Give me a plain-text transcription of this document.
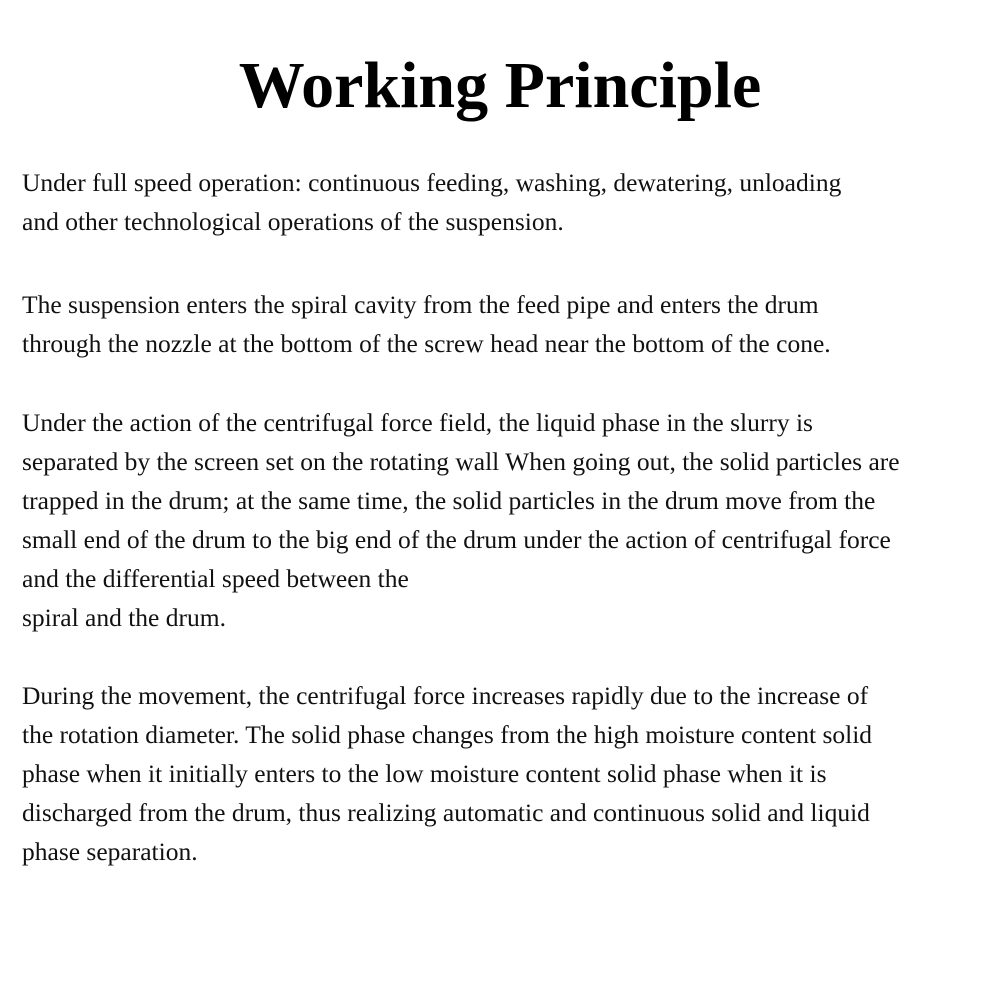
Working Principle

Under full speed operation: continuous feeding, washing, dewatering, unloading
and other technological operations of the suspension.

The suspension enters the spiral cavity from the feed pipe and enters the drum
through the nozzle at the bottom of the screw head near the bottom of the cone.

Under the action of the centrifugal force field, the liquid phase in the slurry is
separated by the screen set on the rotating wall When going out, the solid particles are
trapped in the drum; at the same time, the solid particles in the drum move from the
small end of the drum to the big end of the drum under the action of centrifugal force
and the differential speed between the
spiral and the drum.

During the movement, the centrifugal force increases rapidly due to the increase of
the rotation diameter. The solid phase changes from the high moisture content solid
phase when it initially enters to the low moisture content solid phase when it is
discharged from the drum, thus realizing automatic and continuous solid and liquid
phase separation.
